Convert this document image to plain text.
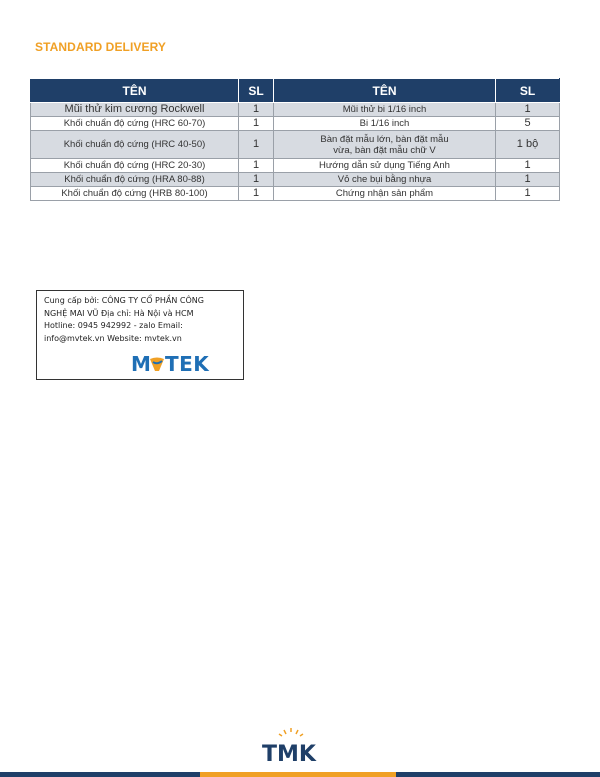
STANDARD DELIVERY
TÊN	SL	TÊN	SL
Mũi thử kim cương Rockwell	1	Mũi thử bi 1/16 inch	1
Khối chuẩn độ cứng (HRC 60-70)	1	Bi 1/16 inch	5
Khối chuẩn độ cứng (HRC 40-50)	1	Bàn đặt mẫu lớn, bàn đặt mẫu
vừa, bàn đặt mẫu chữ V	1 bộ
Khối chuẩn độ cứng (HRC 20-30)	1	Hướng dẫn sử dụng Tiếng Anh	1
Khối chuẩn độ cứng (HRA 80-88)	1	Vỏ che bụi bằng nhựa	1
Khối chuẩn độ cứng (HRB 80-100)	1	Chứng nhận sản phẩm	1
Cung cấp bởi: CÔNG TY CỔ PHẦN CÔNG
NGHỆ MAI VŨ Địa chỉ: Hà Nội và HCM
Hotline: 0945 942992 - zalo Email:
info@mvtek.vn Website: mvtek.vn
M TEK
TMK
